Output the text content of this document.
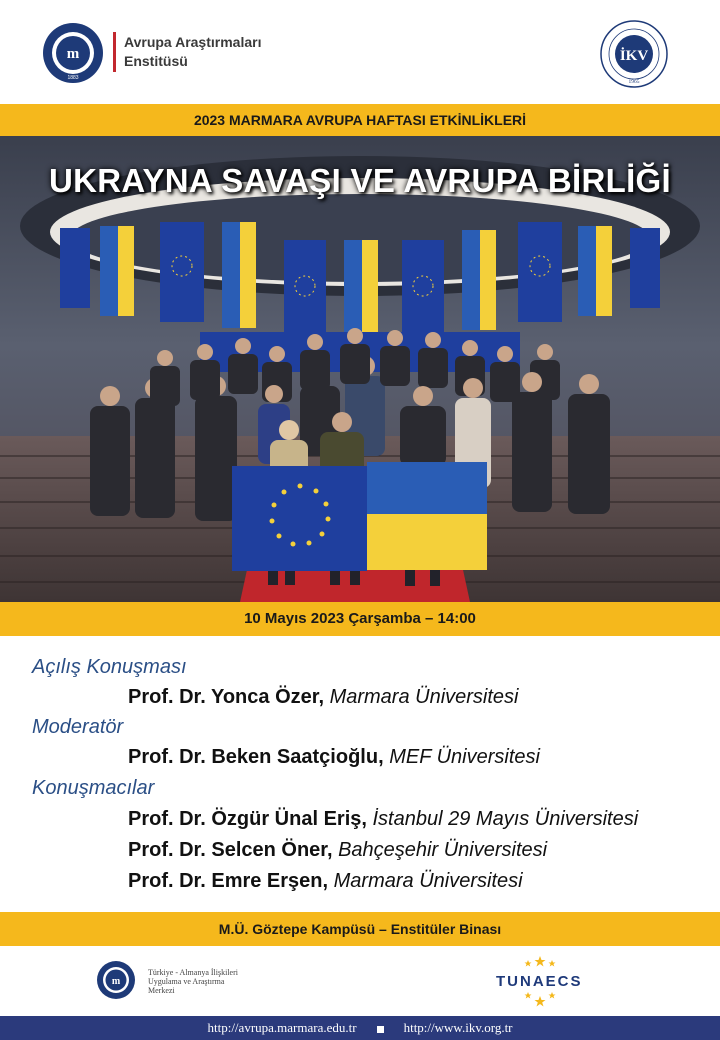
m
1883
Avrupa Araştırmaları
Enstitüsü	İKV
1965
2023 MARMARA AVRUPA HAFTASI ETKİNLİKLERİ
UKRAYNA SAVAŞI VE AVRUPA BİRLİĞİ
10 Mayıs 2023 Çarşamba – 14:00
Açılış Konuşması
Prof. Dr. Yonca Özer, Marmara Üniversitesi
Moderatör
Prof. Dr. Beken Saatçioğlu, MEF Üniversitesi
Konuşmacılar
Prof. Dr. Özgür Ünal Eriş, İstanbul 29 Mayıs Üniversitesi
Prof. Dr. Selcen Öner, Bahçeşehir Üniversitesi
Prof. Dr. Emre Erşen, Marmara Üniversitesi
M.Ü. Göztepe Kampüsü – Enstitüler Binası
m
Türkiye - Almanya İlişkileri
Uygulama ve Araştırma
Merkezi
TUNAECS
http://avrupa.marmara.edu.tr	http://www.ikv.org.tr
